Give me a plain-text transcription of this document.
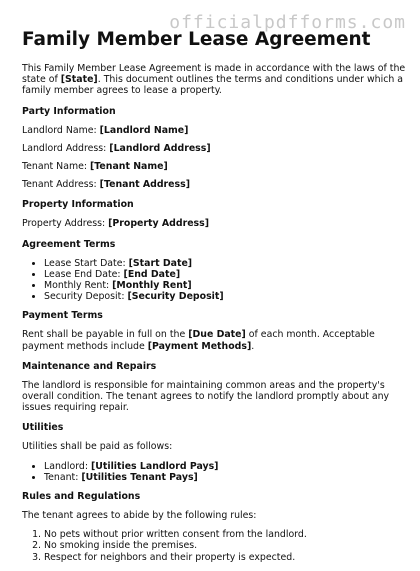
officialpdfforms.com
Family Member Lease Agreement

This Family Member Lease Agreement is made in accordance with the laws of the state of [State]. This document outlines the terms and conditions under which a family member agrees to lease a property.

Party Information

Landlord Name: [Landlord Name]

Landlord Address: [Landlord Address]

Tenant Name: [Tenant Name]

Tenant Address: [Tenant Address]

Property Information

Property Address: [Property Address]

Agreement Terms
• Lease Start Date: [Start Date]
• Lease End Date: [End Date]
• Monthly Rent: [Monthly Rent]
• Security Deposit: [Security Deposit]
Payment Terms

Rent shall be payable in full on the [Due Date] of each month. Acceptable payment methods include [Payment Methods].

Maintenance and Repairs

The landlord is responsible for maintaining common areas and the property's overall condition. The tenant agrees to notify the landlord promptly about any issues requiring repair.

Utilities

Utilities shall be paid as follows:

• Landlord: [Utilities Landlord Pays]
• Tenant: [Utilities Tenant Pays]
Rules and Regulations

The tenant agrees to abide by the following rules:

1. No pets without prior written consent from the landlord.
2. No smoking inside the premises.
3. Respect for neighbors and their property is expected.
